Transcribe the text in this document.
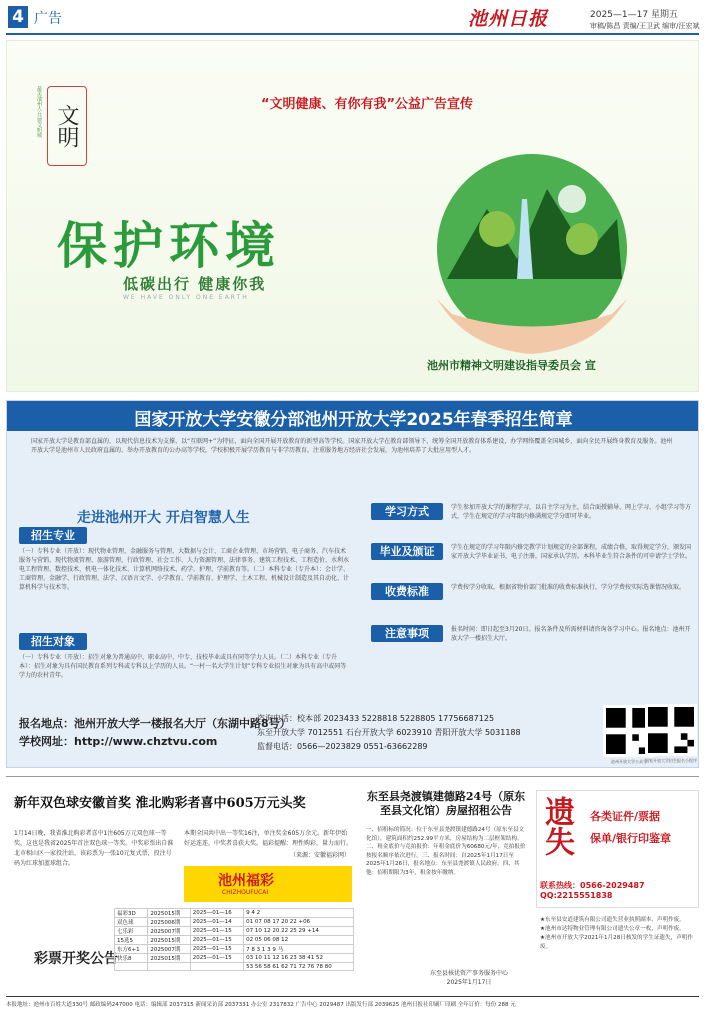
4 广告	池州日报	2025—1—17 星期五
审稿/陈昌 责编/王卫武 编审/汪宏斌
最美池州人·共建文明城 文明	“文明健康、有你有我”公益广告宣传
保护环境
低碳出行 健康你我
WE HAVE ONLY ONE EARTH
池州市精神文明建设指导委员会 宣
国家开放大学安徽分部池州开放大学2025年春季招生简章
国家开放大学是教育部直属的、以现代信息技术为支撑、以“互联网+”为特征，面向全国开展开放教育的新型高等学校。国家开放大学在教育部领导下，统筹全国开放教育体系建设，办学网络覆盖全国城乡，面向全民开展终身教育及服务。池州开放大学是池州市人民政府直属的、举办开放教育的公办高等学校，学校积极开展学历教育与非学历教育，注重服务地方经济社会发展，为池州培养了大批应用型人才。
走进池州开大 开启智慧人生
招生专业
（一）专科专业（开放）：现代物业管理、金融服务与管理、大数据与会计、工商企业管理、市场营销、电子商务、汽车技术服务与营销、现代物流管理、旅游管理、行政管理、社会工作、人力资源管理、法律事务、建筑工程技术、工程造价、水利水电工程管理、数控技术、机电一体化技术、计算机网络技术、药学、护理、学前教育等。（二）本科专业（专升本）：会计学、工商管理、金融学、行政管理、法学、汉语言文学、小学教育、学前教育、护理学、土木工程、机械设计制造及其自动化、计算机科学与技术等。
招生对象
（一）专科专业（开放）：招生对象为普通高中、职业高中、中专、技校毕业或具有同等学力人员。（二）本科专业（专升本）：招生对象为具有国民教育系列专科或专科以上学历的人员。“一村一名大学生计划”专科专业招生对象为具有高中或同等学力的农村青年。
学习方式	学生参加开放大学的课程学习，以自主学习为主，结合面授辅导、网上学习、小组学习等方式，学生在规定的学习年限内修满规定学分即可毕业。
毕业及颁证	学生在规定的学习年限内修完教学计划规定的全部课程，成绩合格，取得规定学分，颁发国家开放大学毕业证书，电子注册，国家承认学历。本科毕业生符合条件的可申请学士学位。
收费标准	学费按学分收取，根据省物价部门批准的收费标准执行，学分学费按实际选课情况收取。
注意事项	报名时间：即日起至3月20日。报名条件及所需材料请咨询各学习中心。报名地点：池州开放大学一楼招生大厅。
报名地点：池州开放大学一楼报名大厅（东湖中路8号）
学校网址：http://www.chztvu.com
咨询电话：校本部 2023433 5228818 5228805 17756687125
东至开放大学 7012551 石台开放大学 6023910 青阳开放大学 5031188
监督电话：0566—2023829 0551-63662289
池州开放大学公众号
国家开放大学招生报名小程序
新年双色球安徽首奖 淮北购彩者喜中605万元头奖
1月14日晚，我省淮北购彩者喜中1注605万元双色球一等奖，这也是我省2025年首注双色球一等奖。中奖彩票出自淮北市相山区一家投注站，该彩票为一张10元复式票，投注号码为红球加蓝球组合。
本期全国共中出一等奖16注，单注奖金605万余元。新年伊始好运连连，中奖者喜获大奖。福彩提醒：理性购彩，量力而行。
（来源：安徽福彩网）
池州福彩
CHIZHOUFUCAI
彩票开奖公告
福彩3D	2025015期	2025—01—16	9 4 2
双色球	2025006期	2025—01—14	01 07 08 17 20 22 +06
七乐彩	2025007期	2025—01—15	07 10 12 20 22 25 29 +14
15选5	2025015期	2025—01—15	02 05 06 08 12
东方6+1	2025007期	2025—01—15	7 8 3 1 3 9 马
快乐8	2025015期	2025—01—15	03 10 11 12 16 23 38 41 52
			53 56 58 61 62 71 72 76 78 80
东至县尧渡镇建德路24号（原东至县文化馆）房屋招租公告
一、招租标的简况：位于东至县尧渡镇建德路24号（原东至县文化馆），建筑面积约252.99平方米，房屋结构为二层框架结构。二、租金底价与竞拍报价：年租金底价为60680元/年，竞拍报价按报名顺序依次进行。三、报名时间：自2025年1月17日至2025年1月26日，报名地点：东至县尧渡镇人民政府。四、其他：招租期限为3年，租金按年缴纳。
东至县核优资产事务服务中心
2025年1月17日
遗失	各类证件/票据
保单/银行印鉴章
联系热线：0566-2029487 QQ:2215551838
★东至县安道建筑有限公司遗失营业执照副本，声明作废。
★池州市达特物业管理有限公司遗失公章一枚，声明作废。
★池州市开放大学2021年1月28日核发的学生证遗失，声明作废。
本报地址：池州市百姓大道330号 邮政编码247000 电话：编辑部 2037315 新闻采访部 2037331 办公室 2317832 广告中心 2029487 出版发行部 2039625 池州日报社印刷厂印刷 全年订价：每份 288 元
